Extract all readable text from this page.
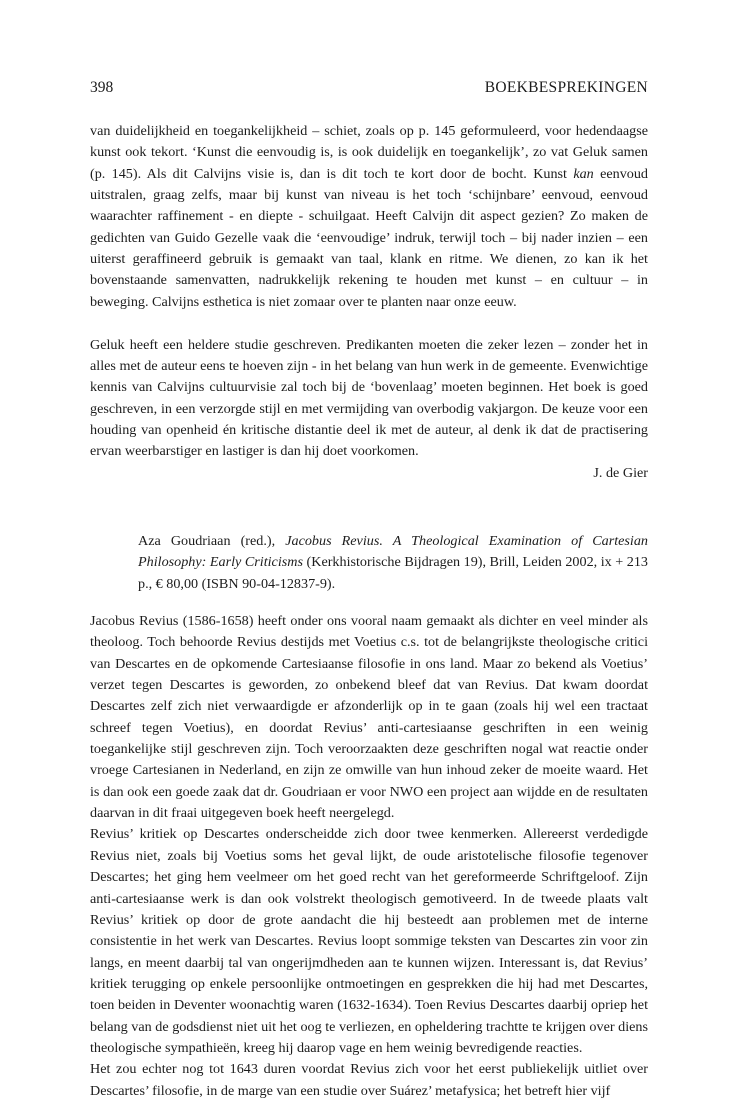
398	BOEKBESPREKINGEN

van duidelijkheid en toegankelijkheid – schiet, zoals op p. 145 geformuleerd, voor hedendaagse kunst ook tekort. ‘Kunst die eenvoudig is, is ook duidelijk en toegankelijk’, zo vat Geluk samen (p. 145). Als dit Calvijns visie is, dan is dit toch te kort door de bocht. Kunst kan eenvoud uitstralen, graag zelfs, maar bij kunst van niveau is het toch ‘schijnbare’ eenvoud, eenvoud waarachter raffinement - en diepte - schuilgaat. Heeft Calvijn dit aspect gezien? Zo maken de gedichten van Guido Gezelle vaak die ‘eenvoudige’ indruk, terwijl toch – bij nader inzien – een uiterst geraffineerd gebruik is gemaakt van taal, klank en ritme. We dienen, zo kan ik het bovenstaande samenvatten, nadrukkelijk rekening te houden met kunst – en cultuur – in beweging. Calvijns esthetica is niet zomaar over te planten naar onze eeuw.

Geluk heeft een heldere studie geschreven. Predikanten moeten die zeker lezen – zonder het in alles met de auteur eens te hoeven zijn - in het belang van hun werk in de gemeente. Evenwichtige kennis van Calvijns cultuurvisie zal toch bij de ‘bovenlaag’ moeten beginnen. Het boek is goed geschreven, in een verzorgde stijl en met vermijding van overbodig vakjargon. De keuze voor een houding van openheid én kritische distantie deel ik met de auteur, al denk ik dat de practisering ervan weerbarstiger en lastiger is dan hij doet voorkomen.

J. de Gier

Aza Goudriaan (red.), Jacobus Revius. A Theological Examination of Cartesian Philosophy: Early Criticisms (Kerkhistorische Bijdragen 19), Brill, Leiden 2002, ix + 213 p., € 80,00 (ISBN 90-04-12837-9).

Jacobus Revius (1586-1658) heeft onder ons vooral naam gemaakt als dichter en veel minder als theoloog. Toch behoorde Revius destijds met Voetius c.s. tot de belangrijkste theologische critici van Descartes en de opkomende Cartesiaanse filosofie in ons land. Maar zo bekend als Voetius’ verzet tegen Descartes is geworden, zo onbekend bleef dat van Revius. Dat kwam doordat Descartes zelf zich niet verwaardigde er afzonderlijk op in te gaan (zoals hij wel een tractaat schreef tegen Voetius), en doordat Revius’ anti-cartesiaanse geschriften in een weinig toegankelijke stijl geschreven zijn. Toch veroorzaakten deze geschriften nogal wat reactie onder vroege Cartesianen in Nederland, en zijn ze omwille van hun inhoud zeker de moeite waard. Het is dan ook een goede zaak dat dr. Goudriaan er voor NWO een project aan wijdde en de resultaten daarvan in dit fraai uitgegeven boek heeft neergelegd.

Revius’ kritiek op Descartes onderscheidde zich door twee kenmerken. Allereerst verdedigde Revius niet, zoals bij Voetius soms het geval lijkt, de oude aristotelische filosofie tegenover Descartes; het ging hem veelmeer om het goed recht van het gereformeerde Schriftgeloof. Zijn anti-cartesiaanse werk is dan ook volstrekt theologisch gemotiveerd. In de tweede plaats valt Revius’ kritiek op door de grote aandacht die hij besteedt aan problemen met de interne consistentie in het werk van Descartes. Revius loopt sommige teksten van Descartes zin voor zin langs, en meent daarbij tal van ongerijmdheden aan te kunnen wijzen. Interessant is, dat Revius’ kritiek terugging op enkele persoonlijke ontmoetingen en gesprekken die hij had met Descartes, toen beiden in Deventer woonachtig waren (1632-1634). Toen Revius Descartes daarbij opriep het belang van de godsdienst niet uit het oog te verliezen, en opheldering trachtte te krijgen over diens theologische sympathieën, kreeg hij daarop vage en hem weinig bevredigende reacties.

Het zou echter nog tot 1643 duren voordat Revius zich voor het eerst publiekelijk uitliet over Descartes’ filosofie, in de marge van een studie over Suárez’ metafysica; het betreft hier vijf
